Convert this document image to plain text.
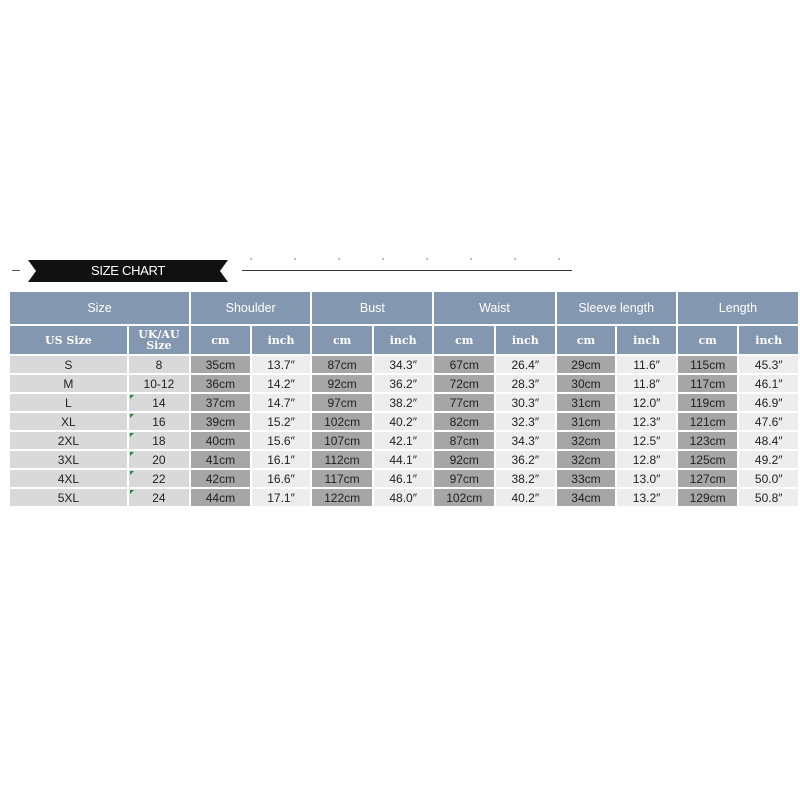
SIZE CHART
Size		Shoulder		Bust		Waist		Sleeve length		Length	
US Size	UK/AU Size	cm	inch	cm	inch	cm	inch	cm	inch	cm	inch
S	8	35cm	13.7″	87cm	34.3″	67cm	26.4″	29cm	11.6″	115cm	45.3″
M	10-12	36cm	14.2″	92cm	36.2″	72cm	28.3″	30cm	11.8″	117cm	46.1″
L	14	37cm	14.7″	97cm	38.2″	77cm	30.3″	31cm	12.0″	119cm	46.9″
XL	16	39cm	15.2″	102cm	40.2″	82cm	32.3″	31cm	12.3″	121cm	47.6″
2XL	18	40cm	15.6″	107cm	42.1″	87cm	34.3″	32cm	12.5″	123cm	48.4″
3XL	20	41cm	16.1″	112cm	44.1″	92cm	36.2″	32cm	12.8″	125cm	49.2″
4XL	22	42cm	16.6″	117cm	46.1″	97cm	38.2″	33cm	13.0″	127cm	50.0″
5XL	24	44cm	17.1″	122cm	48.0″	102cm	40.2″	34cm	13.2″	129cm	50.8″
